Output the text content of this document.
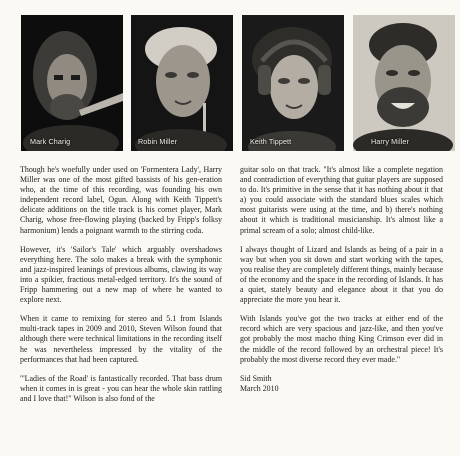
Mark Charig	Robin Miller	Keith Tippett	Harry Miller

Though he's woefully under used on 'Formentera Lady', Harry Miller was one of the most gifted bassists of his gen-eration who, at the time of this recording, was founding his own independent record label, Ogun. Along with Keith Tippett's delicate additions on the title track is his cornet player, Mark Charig, whose free-flowing playing (backed by Fripp's folksy harmonium) lends a poignant warmth to the stirring coda.

However, it's 'Sailor's Tale' which arguably overshadows everything here. The solo makes a break with the symphonic and jazz-inspired leanings of previous albums, clawing its way into a spikier, fractious metal-edged territory. It's the sound of Fripp hammering out a new map of where he wanted to explore next.

When it came to remixing for stereo and 5.1 from Islands multi-track tapes in 2009 and 2010, Steven Wilson found that although there were technical limitations in the recording itself he was nevertheless impressed by the vitality of the performances that had been captured.

"'Ladies of the Road' is fantastically recorded. That bass drum when it comes in is great - you can hear the whole skin rattling and I love that!" Wilson is also fond of the

guitar solo on that track. "It's almost like a complete negation and contradiction of everything that guitar players are supposed to do. It's primitive in the sense that it has nothing about it that a) you could associate with the standard blues scales which most guitarists were using at the time, and b) there's nothing about it which is traditional musicianship. It's almost like a primal scream of a solo; almost child-like.

I always thought of Lizard and Islands as being of a pair in a way but when you sit down and start working with the tapes, you realise they are completely different things, mainly because of the economy and the space in the recording of Islands. It has a quiet, stately beauty and elegance about it that you do appreciate the more you hear it.

With Islands you've got the two tracks at either end of the record which are very spacious and jazz-like, and then you've got probably the most macho thing King Crimson ever did in the middle of the record followed by an orchestral piece! It's probably the most diverse record they ever made."

Sid Smith
March 2010
